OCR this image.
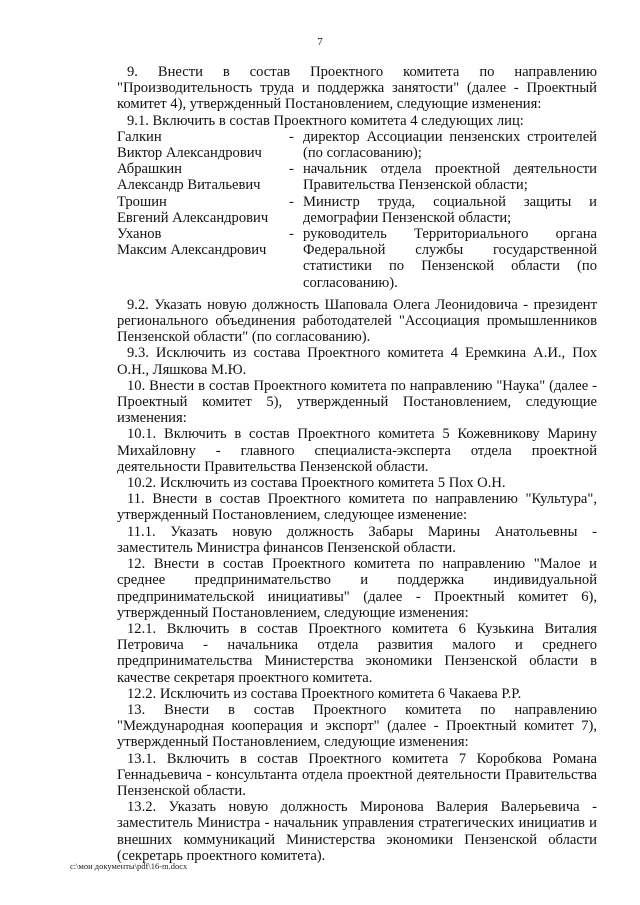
7

9. Внести в состав Проектного комитета по направлению "Производительность труда и поддержка занятости" (далее - Проектный комитет 4), утвержденный Постановлением, следующие изменения:

9.1. Включить в состав Проектного комитета 4 следующих лиц:

Галкин
Виктор Александрович
- директор Ассоциации пензенских строителей (по согласованию);
Абрашкин
Александр Витальевич
- начальник отдела проектной деятельности Правительства Пензенской области;
Трошин
Евгений Александрович
- Министр труда, социальной защиты и демографии Пензенской области;
Уханов
Максим Александрович
- руководитель Территориального органа Федеральной службы государственной статистики по Пензенской области (по согласованию).

9.2. Указать новую должность Шаповала Олега Леонидовича - президент регионального объединения работодателей "Ассоциация промышленников Пензенской области" (по согласованию).

9.3. Исключить из состава Проектного комитета 4 Еремкина А.И., Пох О.Н., Ляшкова М.Ю.

10. Внести в состав Проектного комитета по направлению "Наука" (далее - Проектный комитет 5), утвержденный Постановлением, следующие изменения:

10.1. Включить в состав Проектного комитета 5 Кожевникову Марину Михайловну - главного специалиста-эксперта отдела проектной деятельности Правительства Пензенской области.

10.2. Исключить из состава Проектного комитета 5 Пох О.Н.

11. Внести в состав Проектного комитета по направлению "Культура", утвержденный Постановлением, следующее изменение:

11.1. Указать новую должность Забары Марины Анатольевны - заместитель Министра финансов Пензенской области.

12. Внести в состав Проектного комитета по направлению "Малое и среднее предпринимательство и поддержка индивидуальной предпринимательской инициативы" (далее - Проектный комитет 6), утвержденный Постановлением, следующие изменения:

12.1. Включить в состав Проектного комитета 6 Кузькина Виталия Петровича - начальника отдела развития малого и среднего предпринимательства Министерства экономики Пензенской области в качестве секретаря проектного комитета.

12.2. Исключить из состава Проектного комитета 6 Чакаева Р.Р.

13. Внести в состав Проектного комитета по направлению "Международная кооперация и экспорт" (далее - Проектный комитет 7), утвержденный Постановлением, следующие изменения:

13.1. Включить в состав Проектного комитета 7 Коробкова Романа Геннадьевича - консультанта отдела проектной деятельности Правительства Пензенской области.

13.2. Указать новую должность Миронова Валерия Валерьевича - заместитель Министра - начальник управления стратегических инициатив и внешних коммуникаций Министерства экономики Пензенской области (секретарь проектного комитета).

c:\мои документы\pdf\16-m.docx
